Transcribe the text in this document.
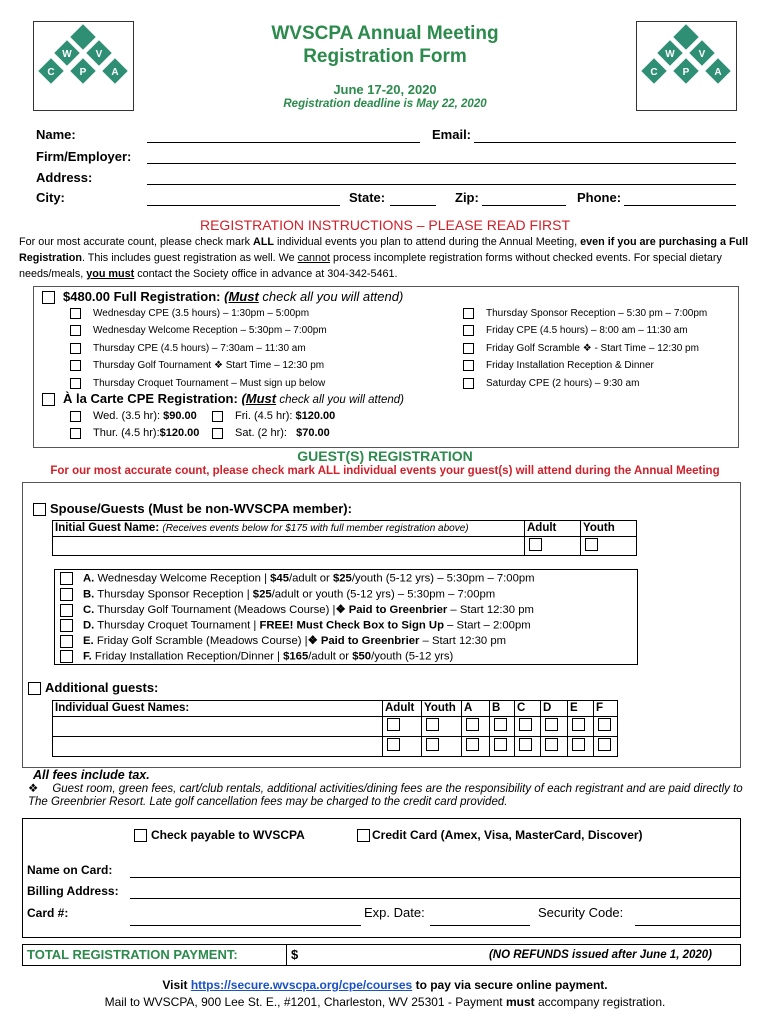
W V
C	P	A
W V
C	P	A
WVSCPA Annual Meeting
Registration Form
June 17-20, 2020
Registration deadline is May 22, 2020
Name:	Email:
Firm/Employer:
Address:
City:	State:	Zip:	Phone:
REGISTRATION INSTRUCTIONS – PLEASE READ FIRST
For our most accurate count, please check mark ALL individual events you plan to attend during the Annual Meeting, even if you are purchasing a Full Registration. This includes guest registration as well. We cannot process incomplete registration forms without checked events. For special dietary needs/meals, you must contact the Society office in advance at 304-342-5461.
$480.00 Full Registration: (Must check all you will attend)
Wednesday CPE (3.5 hours) – 1:30pm – 5:00pm
Wednesday Welcome Reception – 5:30pm – 7:00pm
Thursday CPE (4.5 hours) – 7:30am – 11:30 am
Thursday Golf Tournament ❖ Start Time – 12:30 pm
Thursday Croquet Tournament – Must sign up below
Thursday Sponsor Reception – 5:30 pm – 7:00pm
Friday CPE (4.5 hours) – 8:00 am – 11:30 am
Friday Golf Scramble ❖ - Start Time – 12:30 pm
Friday Installation Reception & Dinner
Saturday CPE (2 hours) – 9:30 am
À la Carte CPE Registration: (Must check all you will attend)
Wed. (3.5 hr): $90.00	Fri. (4.5 hr): $120.00
Thur. (4.5 hr):$120.00	Sat. (2 hr):   $70.00
GUEST(S) REGISTRATION
For our most accurate count, please check mark ALL individual events your guest(s) will attend during the Annual Meeting
Spouse/Guests (Must be non-WVSCPA member):
Initial Guest Name: (Receives events below for $175 with full member registration above)	Adult	Youth
A. Wednesday Welcome Reception | $45/adult or $25/youth (5-12 yrs) – 5:30pm – 7:00pm
B. Thursday Sponsor Reception | $25/adult or youth (5-12 yrs) – 5:30pm – 7:00pm
C. Thursday Golf Tournament (Meadows Course) |❖ Paid to Greenbrier – Start 12:30 pm
D. Thursday Croquet Tournament | FREE! Must Check Box to Sign Up – Start – 2:00pm
E. Friday Golf Scramble (Meadows Course) |❖ Paid to Greenbrier – Start 12:30 pm
F. Friday Installation Reception/Dinner | $165/adult or $50/youth (5-12 yrs)
Additional guests:
Individual Guest Names:	Adult Youth A	B	C	D	E	F
All fees include tax.
❖ Guest room, green fees, cart/club rentals, additional activities/dining fees are the responsibility of each registrant and are paid directly to The Greenbrier Resort. Late golf cancellation fees may be charged to the credit card provided.
Check payable to WVSCPA	Credit Card (Amex, Visa, MasterCard, Discover)
Name on Card:
Billing Address:
Card #:	Exp. Date:	Security Code:
TOTAL REGISTRATION PAYMENT:	$	(NO REFUNDS issued after June 1, 2020)
Visit https://secure.wvscpa.org/cpe/courses to pay via secure online payment.
Mail to WVSCPA, 900 Lee St. E., #1201, Charleston, WV 25301 - Payment must accompany registration.
